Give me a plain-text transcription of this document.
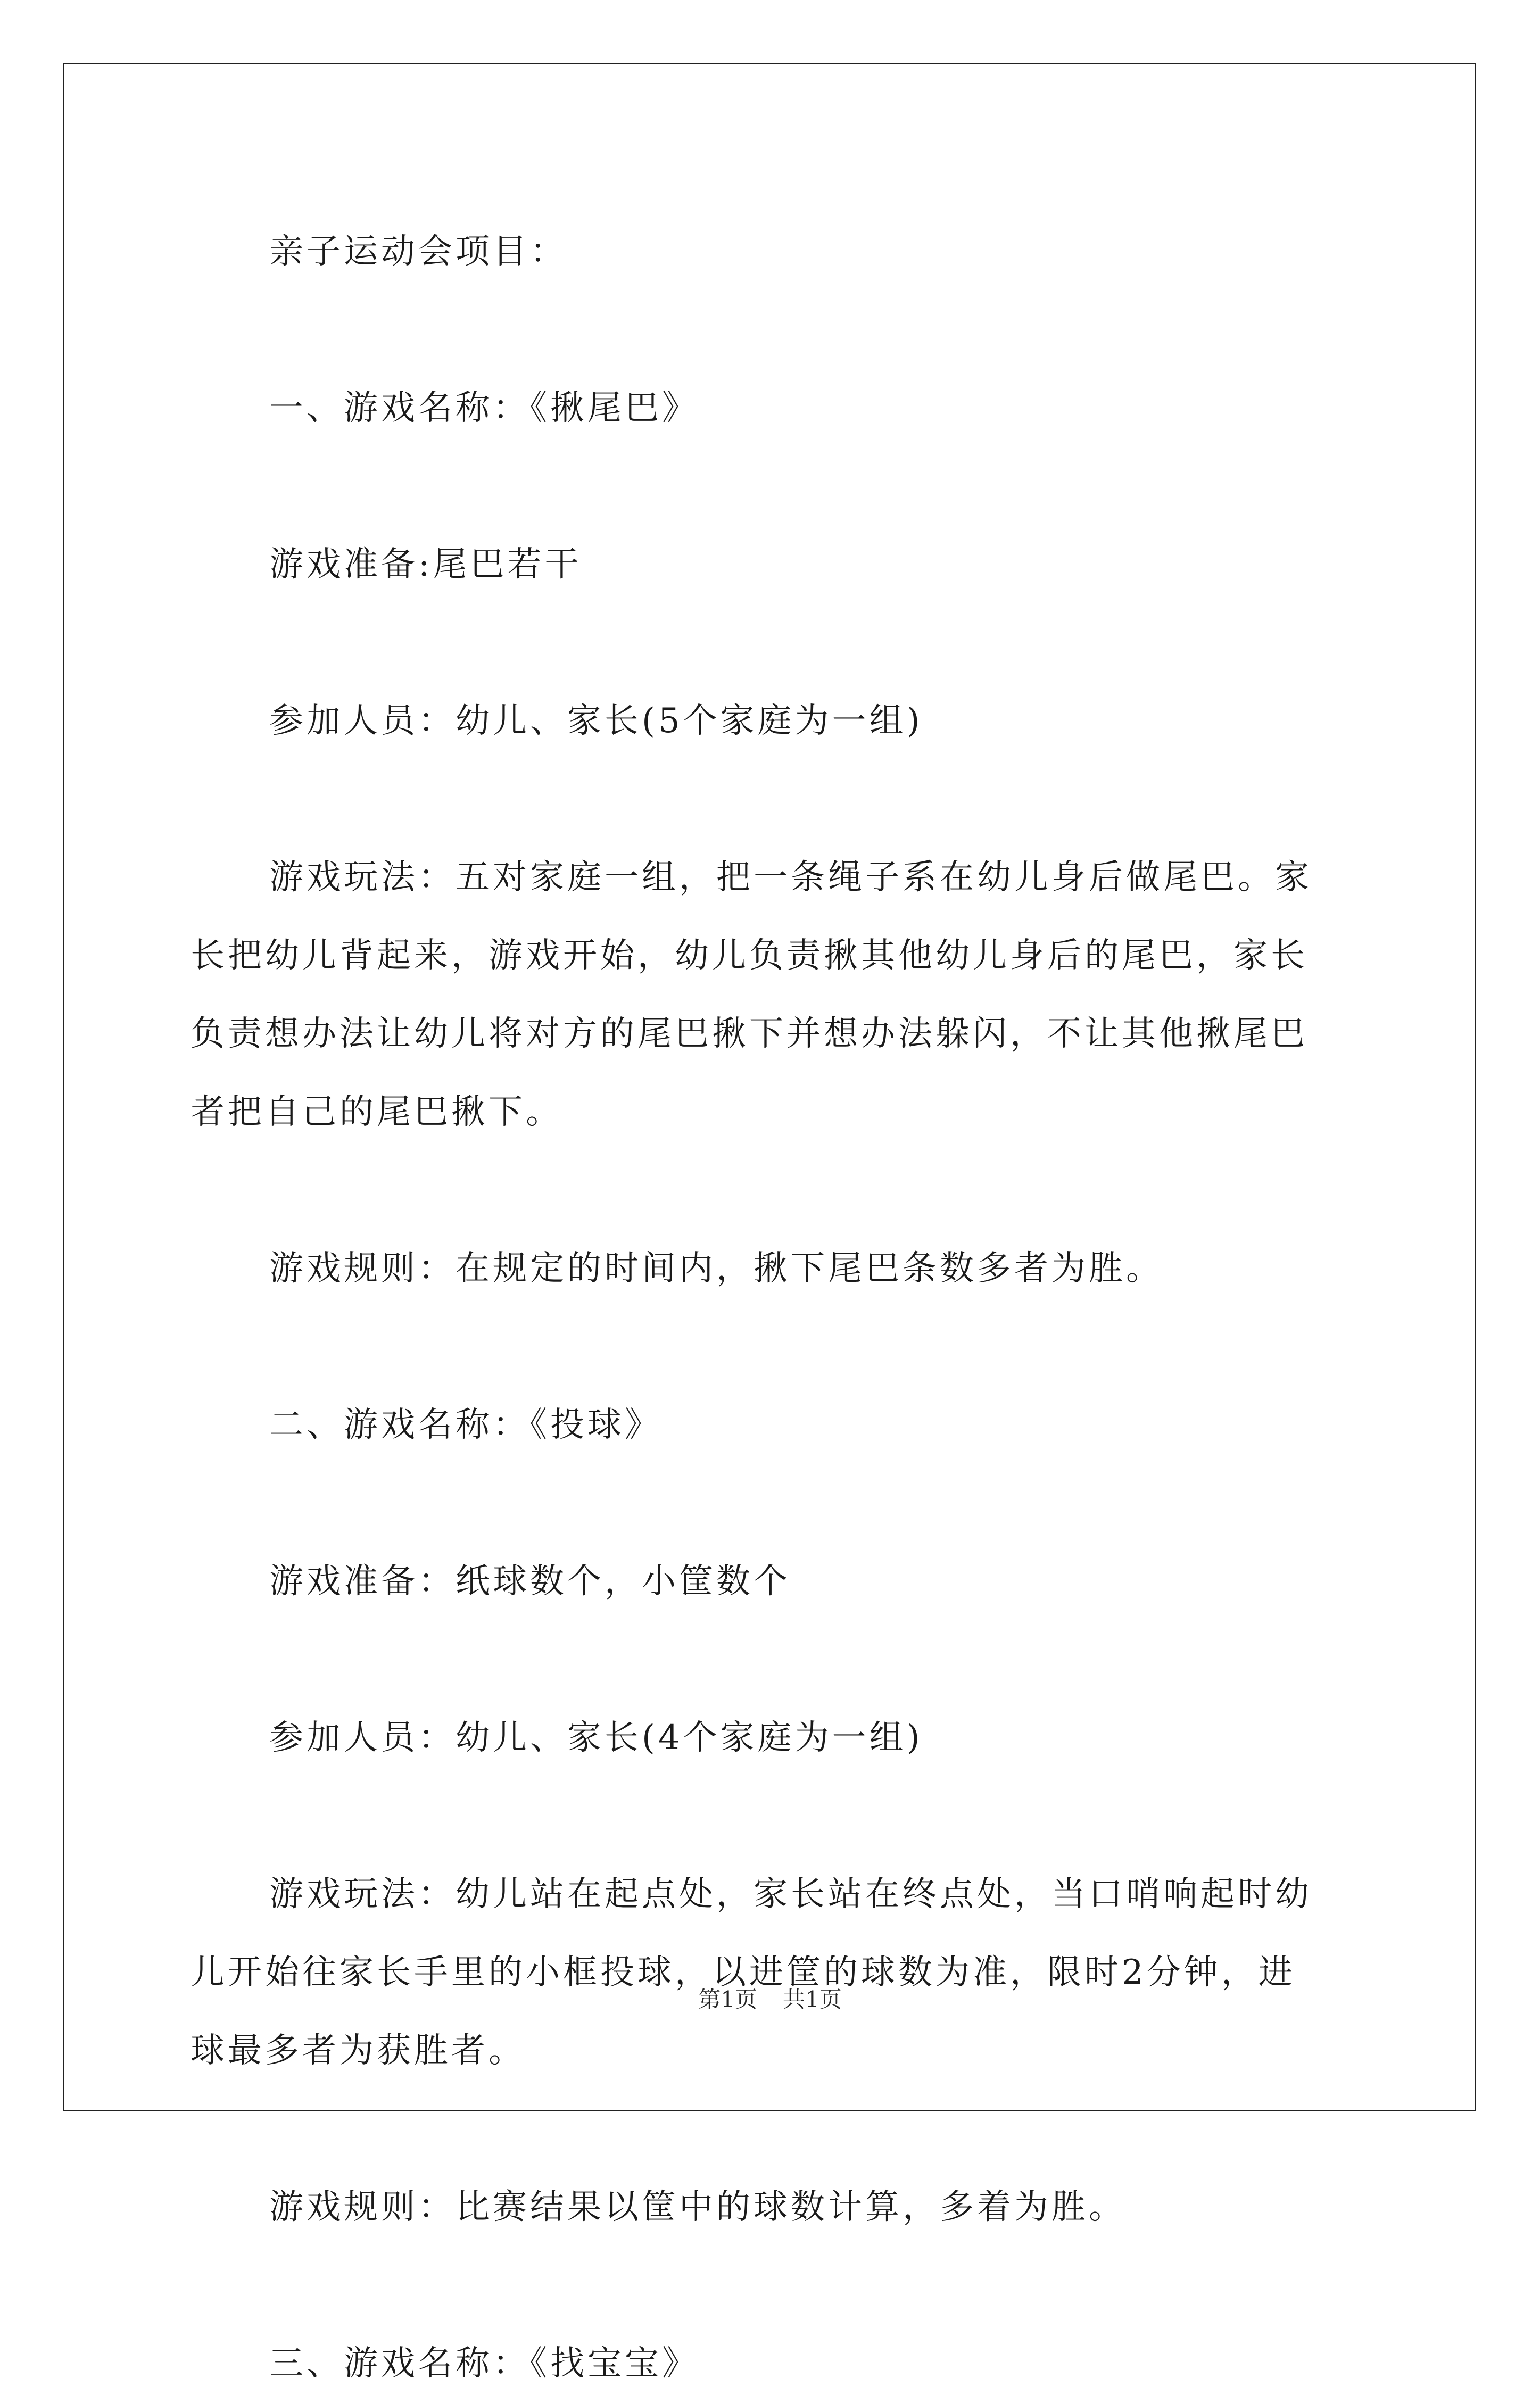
亲子运动会项目：

一、游戏名称：《揪尾巴》

游戏准备:尾巴若干

参加人员：幼儿、家长(5个家庭为一组)

游戏玩法：五对家庭一组，把一条绳子系在幼儿身后做尾巴。家
长把幼儿背起来，游戏开始，幼儿负责揪其他幼儿身后的尾巴，家长
负责想办法让幼儿将对方的尾巴揪下并想办法躲闪，不让其他揪尾巴
者把自己的尾巴揪下。

游戏规则：在规定的时间内，揪下尾巴条数多者为胜。

二、游戏名称：《投球》

游戏准备：纸球数个，小筐数个

参加人员：幼儿、家长(4个家庭为一组)

游戏玩法：幼儿站在起点处，家长站在终点处，当口哨响起时幼
儿开始往家长手里的小框投球，以进筐的球数为准，限时2分钟，进
球最多者为获胜者。

游戏规则：比赛结果以筐中的球数计算，多着为胜。

三、游戏名称：《找宝宝》

第1页 共1页
